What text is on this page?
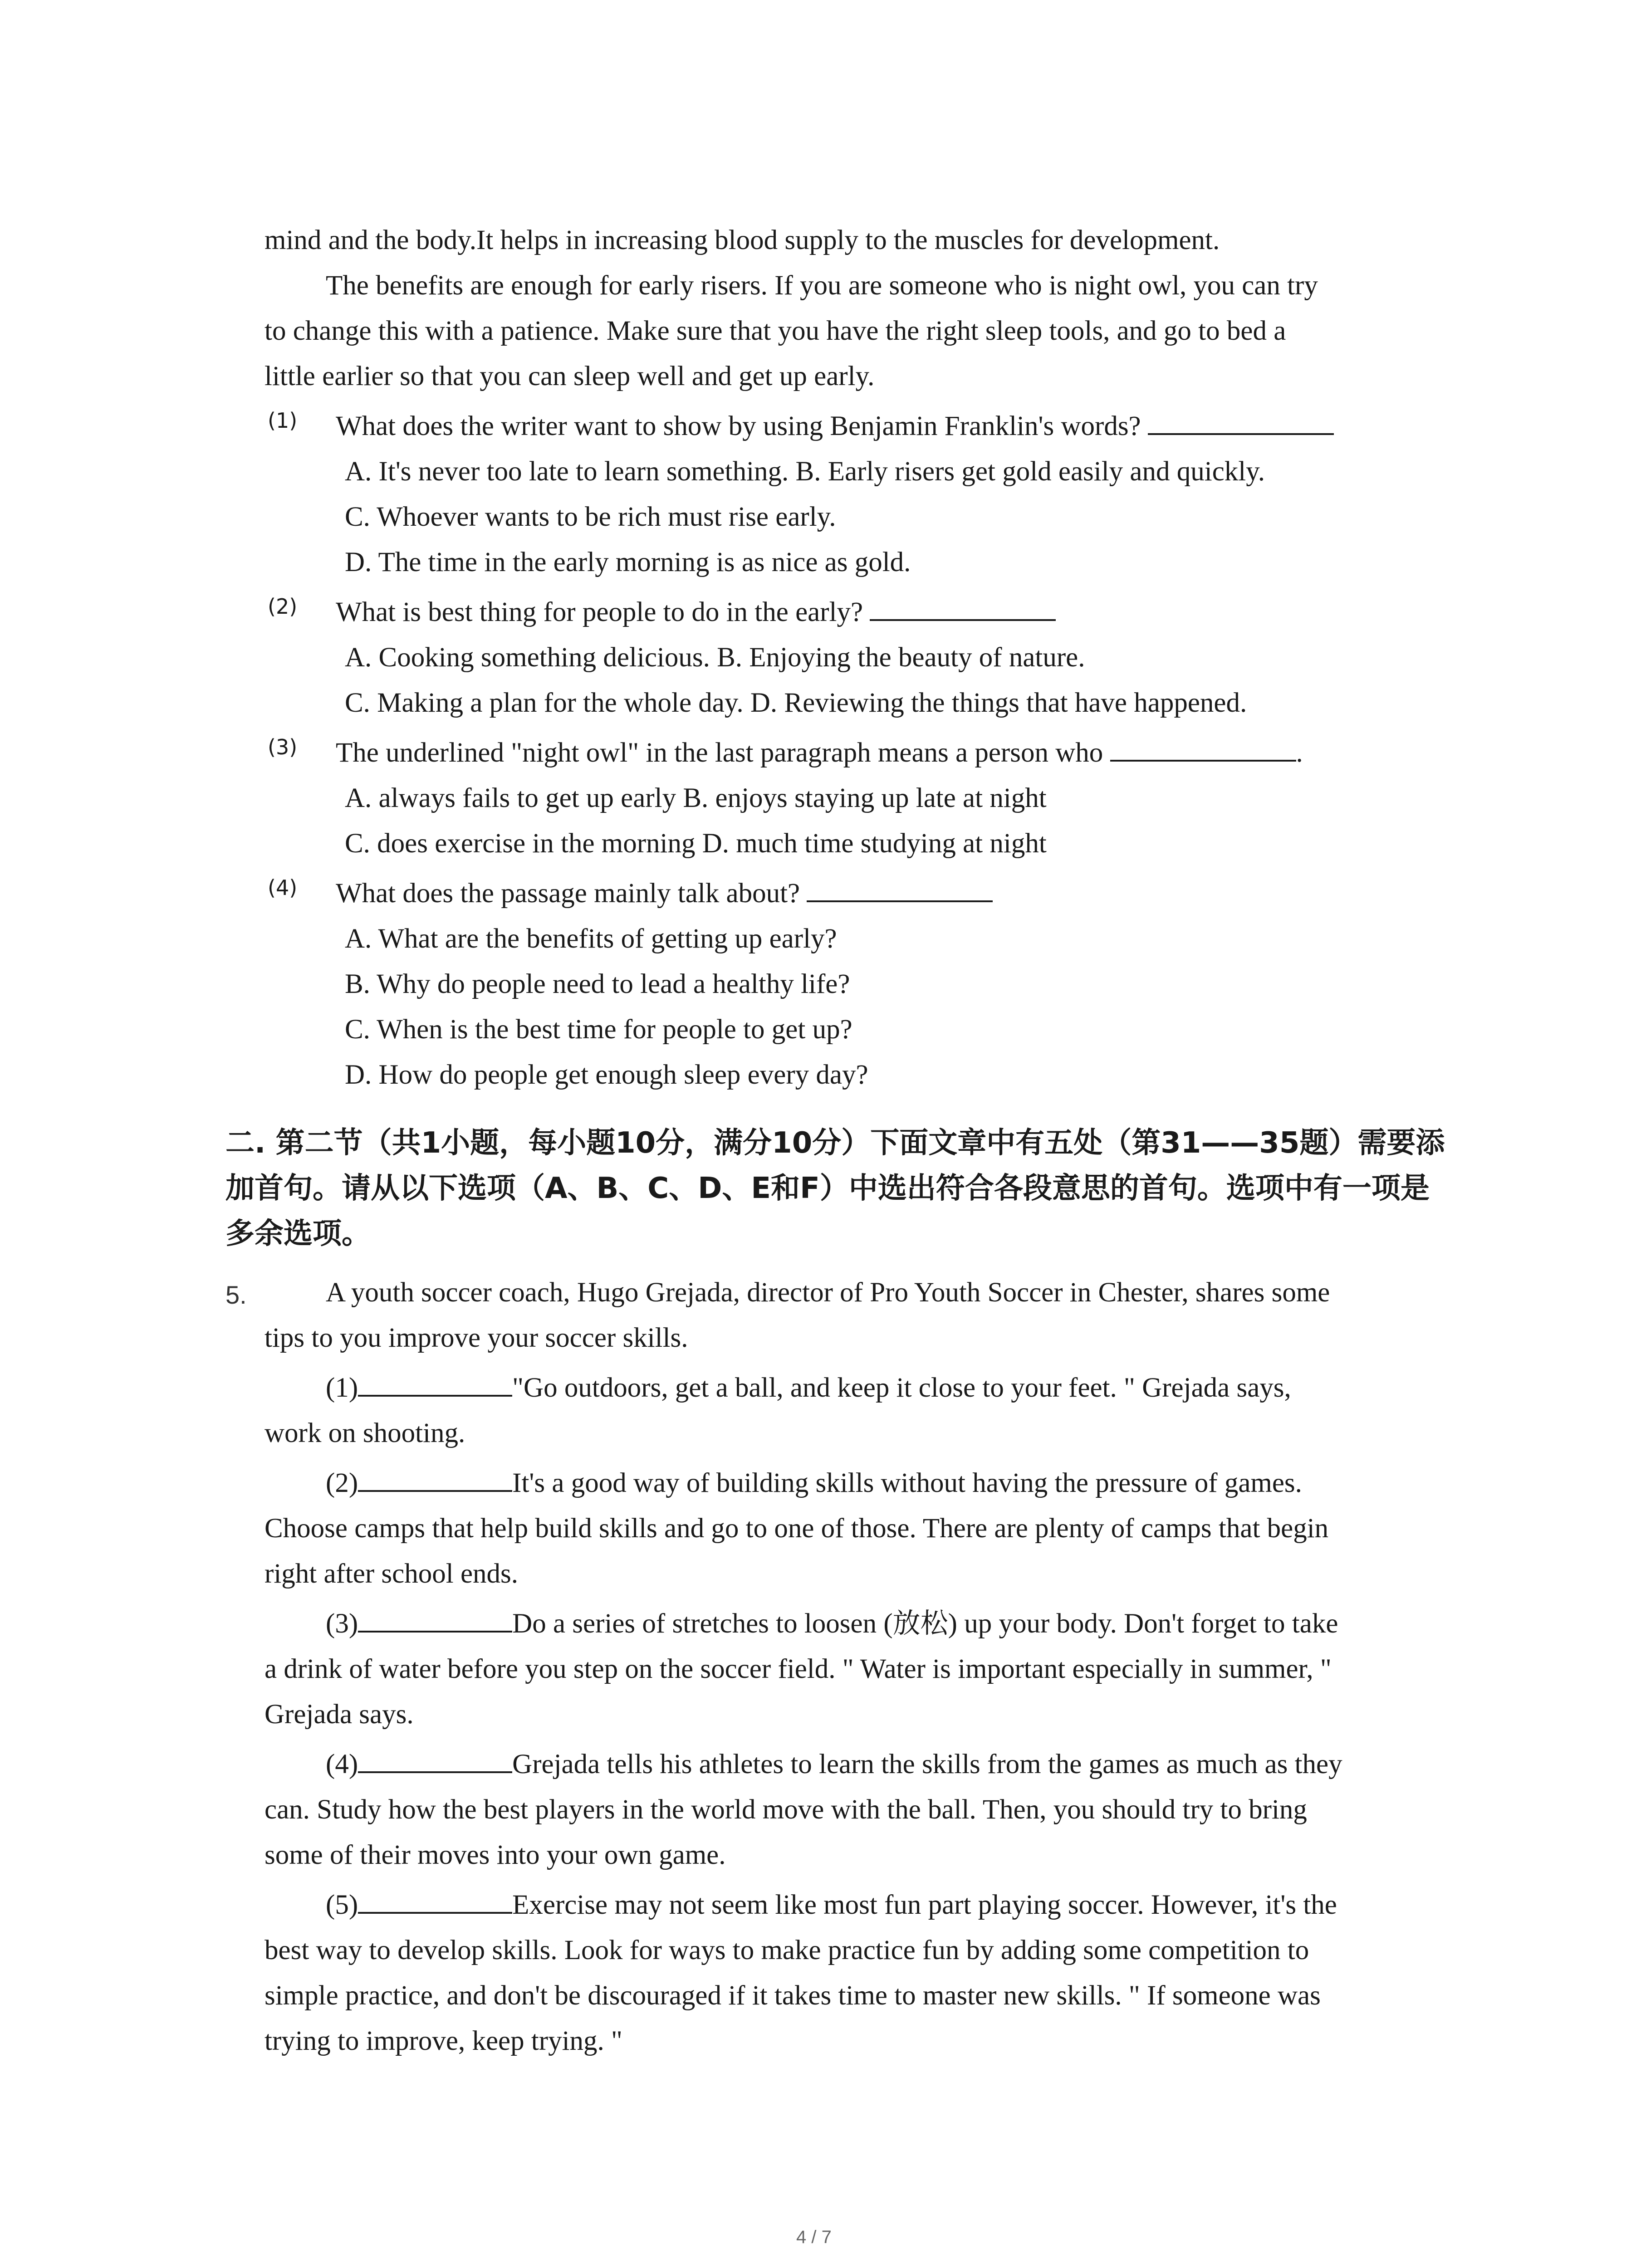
mind and the body.It helps in increasing blood supply to the muscles for development.
The benefits are enough for early risers. If you are someone who is night owl, you can try
to change this with a patience. Make sure that you have the right sleep tools, and go to bed a
little earlier so that you can sleep well and get up early.
(1) What does the writer want to show by using Benjamin Franklin's words?
A. It's never too late to learn something. B. Early risers get gold easily and quickly.
C. Whoever wants to be rich must rise early.
D. The time in the early morning is as nice as gold.
(2) What is best thing for people to do in the early?
A. Cooking something delicious. B. Enjoying the beauty of nature.
C. Making a plan for the whole day. D. Reviewing the things that have happened.
(3) The underlined "night owl" in the last paragraph means a person who	.
A. always fails to get up early B. enjoys staying up late at night
C. does exercise in the morning D. much time studying at night
(4) What does the passage mainly talk about?
A. What are the benefits of getting up early?
B. Why do people need to lead a healthy life?
C. When is the best time for people to get up?
D. How do people get enough sleep every day?
二. 第二节（共1小题，每小题10分，满分10分）下面文章中有五处（第31——35题）需要添
加首句。请从以下选项（A、B、C、D、E和F）中选出符合各段意思的首句。选项中有一项是
多余选项。
5.	A youth soccer coach, Hugo Grejada, director of Pro Youth Soccer in Chester, shares some
tips to you improve your soccer skills.
(1)	"Go outdoors, get a ball, and keep it close to your feet. " Grejada says,
work on shooting.
(2)	It's a good way of building skills without having the pressure of games.
Choose camps that help build skills and go to one of those. There are plenty of camps that begin
right after school ends.
(3)	Do a series of stretches to loosen (放松) up your body. Don't forget to take
a drink of water before you step on the soccer field. " Water is important especially in summer, "
Grejada says.
(4)	Grejada tells his athletes to learn the skills from the games as much as they
can. Study how the best players in the world move with the ball. Then, you should try to bring
some of their moves into your own game.
(5)	Exercise may not seem like most fun part playing soccer. However, it's the
best way to develop skills. Look for ways to make practice fun by adding some competition to
simple practice, and don't be discouraged if it takes time to master new skills. " If someone was
trying to improve, keep trying. "
4 / 7
